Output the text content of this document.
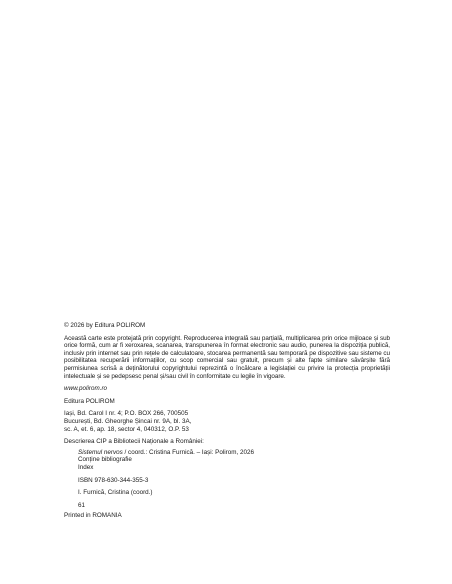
© 2026 by Editura POLIROM

Această carte este protejată prin copyright. Reproducerea integrală sau parțială, multiplicarea prin orice mijloace și sub orice formă, cum ar fi xeroxarea, scanarea, transpunerea în format electronic sau audio, punerea la dispoziția publică, inclusiv prin internet sau prin rețele de calculatoare, stocarea permanentă sau temporară pe dispozitive sau sisteme cu posibilitatea recuperării informațiilor, cu scop comercial sau gratuit, precum și alte fapte similare săvârșite fără permisiunea scrisă a deținătorului copyrightului reprezintă o încălcare a legislației cu privire la protecția proprietății intelectuale și se pedepsesc penal și/sau civil în conformitate cu legile în vigoare.

www.polirom.ro

Editura POLIROM

Iași, Bd. Carol I nr. 4; P.O. BOX 266, 700505
București, Bd. Gheorghe Șincai nr. 9A, bl. 3A,
sc. A, et. 6, ap. 18, sector 4, 040312, O.P. 53

Descrierea CIP a Bibliotecii Naționale a României:

Sistemul nervos / coord.: Cristina Furnică. – Iași: Polirom, 2026
Conține bibliografie
Index
ISBN 978-630-344-355-3
I. Furnică, Cristina (coord.)
61

Printed in ROMANIA
